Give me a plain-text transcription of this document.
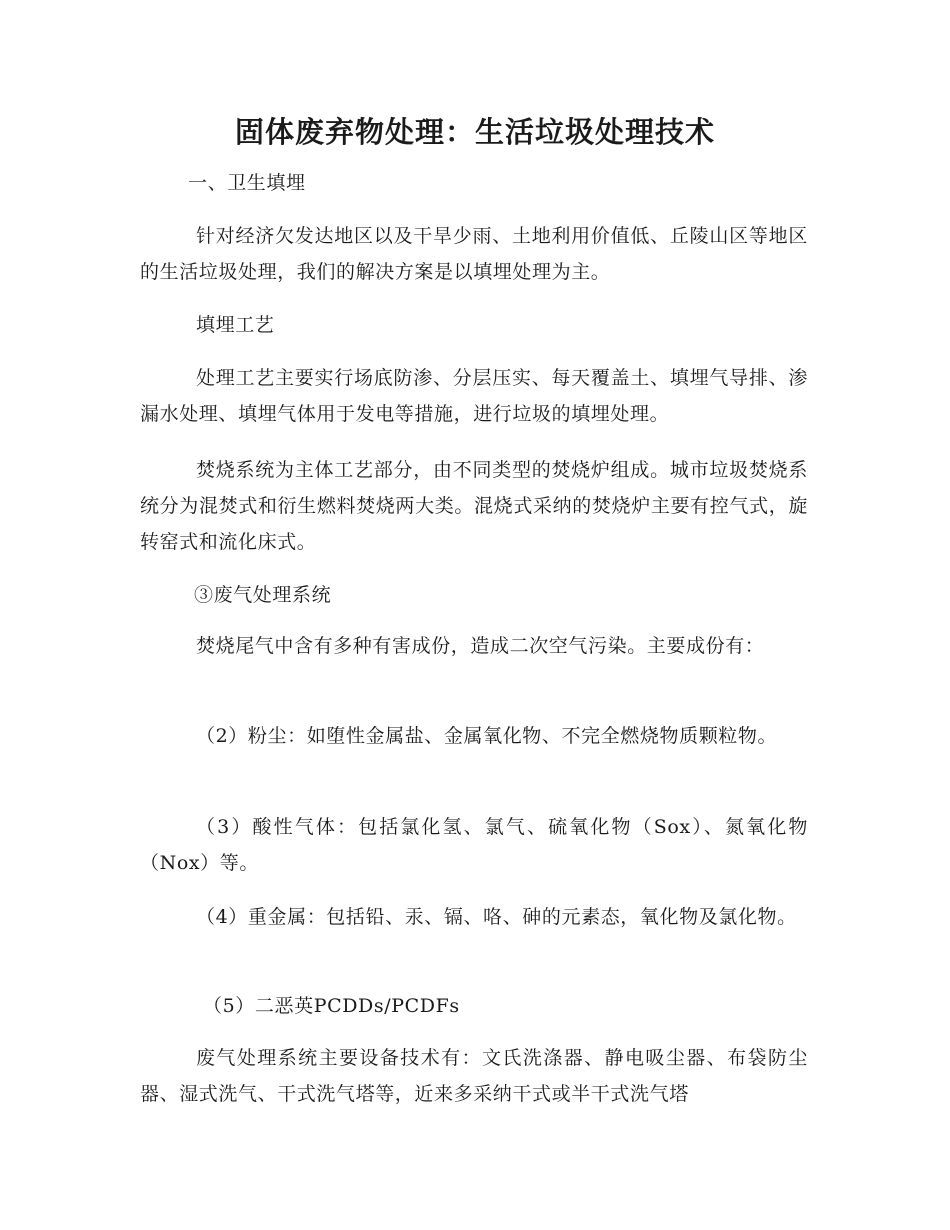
固体废弃物处理：生活垃圾处理技术
一、卫生填埋

针对经济欠发达地区以及干旱少雨、土地利用价值低、丘陵山区等地区的生活垃圾处理，我们的解决方案是以填埋处理为主。

填埋工艺

处理工艺主要实行场底防渗、分层压实、每天覆盖土、填埋气导排、渗漏水处理、填埋气体用于发电等措施，进行垃圾的填埋处理。

焚烧系统为主体工艺部分，由不同类型的焚烧炉组成。城市垃圾焚烧系统分为混焚式和衍生燃料焚烧两大类。混烧式采纳的焚烧炉主要有控气式，旋转窑式和流化床式。

③废气处理系统

焚烧尾气中含有多种有害成份，造成二次空气污染。主要成份有：

（2）粉尘：如堕性金属盐、金属氧化物、不完全燃烧物质颗粒物。

（3）酸性气体：包括氯化氢、氯气、硫氧化物（Sox）、氮氧化物（Nox）等。

（4）重金属：包括铅、汞、镉、咯、砷的元素态，氧化物及氯化物。

（5）二恶英PCDDs/PCDFs

废气处理系统主要设备技术有：文氏洗涤器、静电吸尘器、布袋防尘器、湿式洗气、干式洗气塔等，近来多采纳干式或半干式洗气塔
